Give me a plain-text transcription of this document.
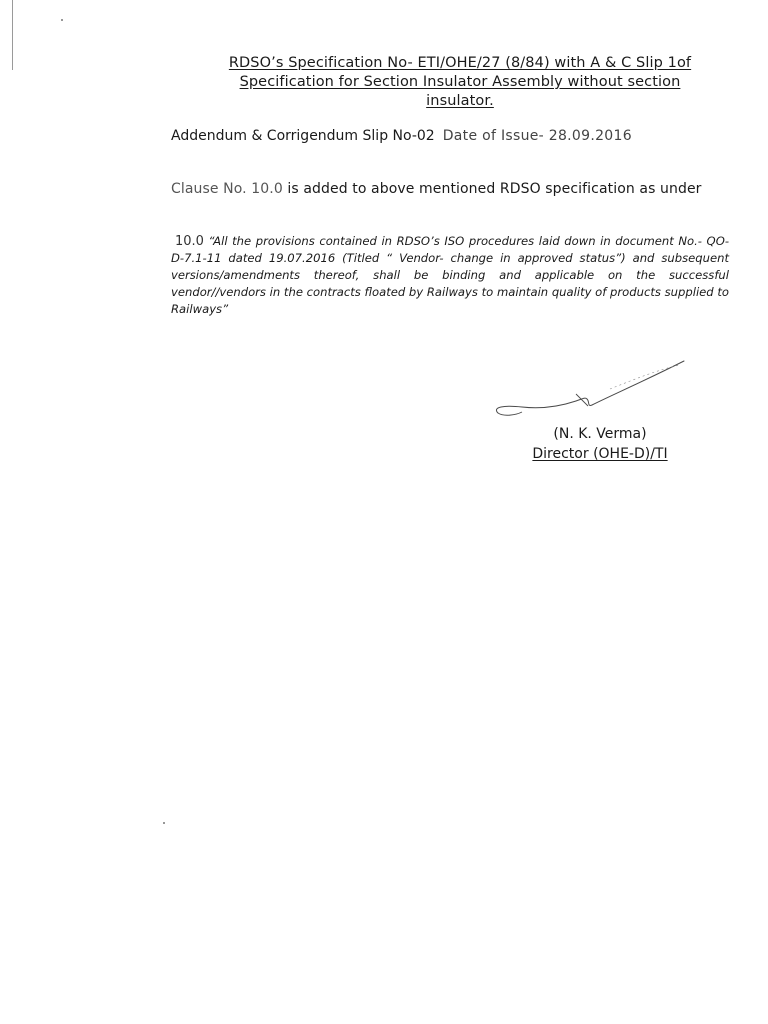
RDSO’s Specification No- ETI/OHE/27 (8/84) with A & C Slip 1of
Specification for Section Insulator Assembly without section
insulator.
Addendum & Corrigendum Slip No-02 Date of Issue- 28.09.2016
Clause No. 10.0 is added to above mentioned RDSO specification as under
10.0 “All the provisions contained in RDSO’s ISO procedures laid down in document No.- QO-D-7.1-11 dated 19.07.2016 (Titled “ Vendor- change in approved status”) and subsequent versions/amendments thereof, shall be binding and applicable on the successful vendor//vendors in the contracts floated by Railways to maintain quality of products supplied to Railways”
(N. K. Verma)
Director (OHE-D)/TI
